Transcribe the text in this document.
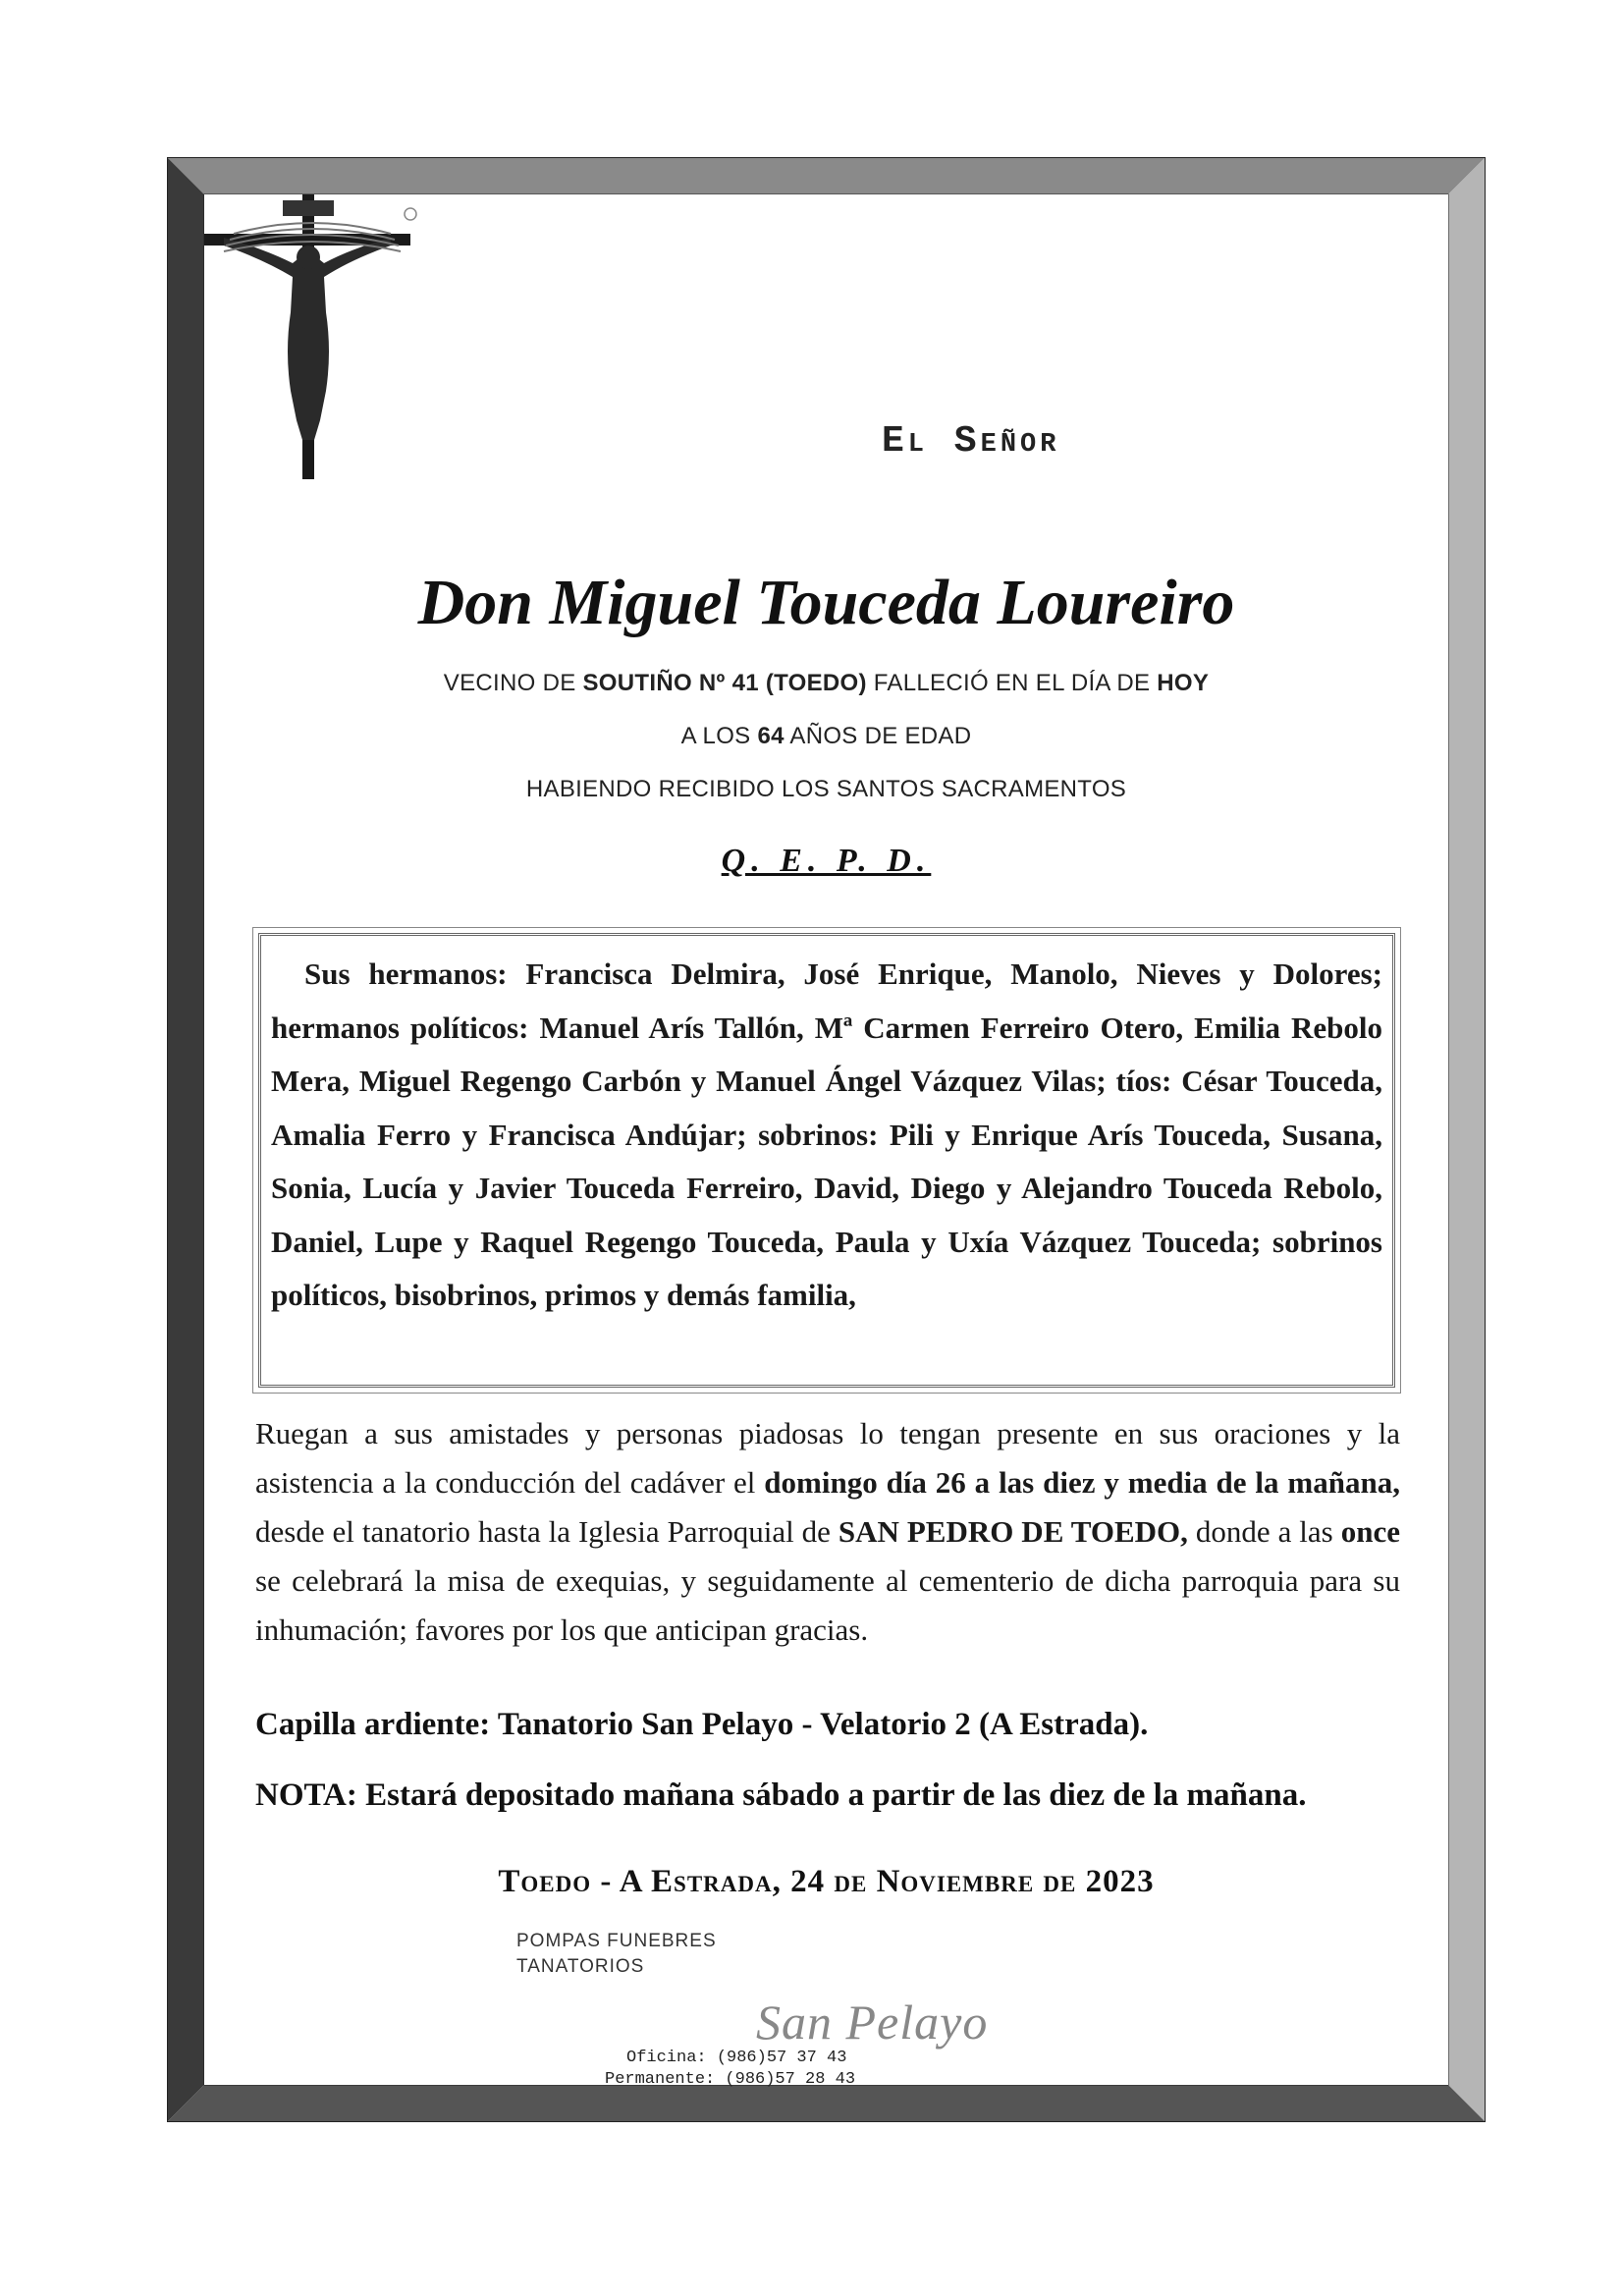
El Señor
Don Miguel Touceda Loureiro
VECINO DE SOUTIÑO Nº 41 (TOEDO) FALLECIÓ EN EL DÍA DE HOY
A LOS 64 AÑOS DE EDAD
HABIENDO RECIBIDO LOS SANTOS SACRAMENTOS
Q. E. P. D.
Sus hermanos: Francisca Delmira, José Enrique, Manolo, Nieves y Dolores; hermanos políticos: Manuel Arís Tallón, Mª Carmen Ferreiro Otero, Emilia Rebolo Mera, Miguel Regengo Carbón y Manuel Ángel Vázquez Vilas; tíos: César Touceda, Amalia Ferro y Francisca Andújar; sobrinos: Pili y Enrique Arís Touceda, Susana, Sonia, Lucía y Javier Touceda Ferreiro, David, Diego y Alejandro Touceda Rebolo, Daniel, Lupe y Raquel Regengo Touceda, Paula y Uxía Vázquez Touceda; sobrinos políticos, bisobrinos, primos y demás familia,
Ruegan a sus amistades y personas piadosas lo tengan presente en sus oraciones y la asistencia a la conducción del cadáver el domingo día 26 a las diez y media de la mañana, desde el tanatorio hasta la Iglesia Parroquial de SAN PEDRO DE TOEDO, donde a las once se celebrará la misa de exequias, y seguidamente al cementerio de dicha parroquia para su inhumación; favores por los que anticipan gracias.
Capilla ardiente: Tanatorio San Pelayo - Velatorio 2 (A Estrada).
NOTA: Estará depositado mañana sábado a partir de las diez de la mañana.
Toedo - A Estrada, 24 de Noviembre de 2023
POMPAS FUNEBRES
TANATORIOS
San Pelayo
Oficina: (986)57 37 43
Permanente: (986)57 28 43
